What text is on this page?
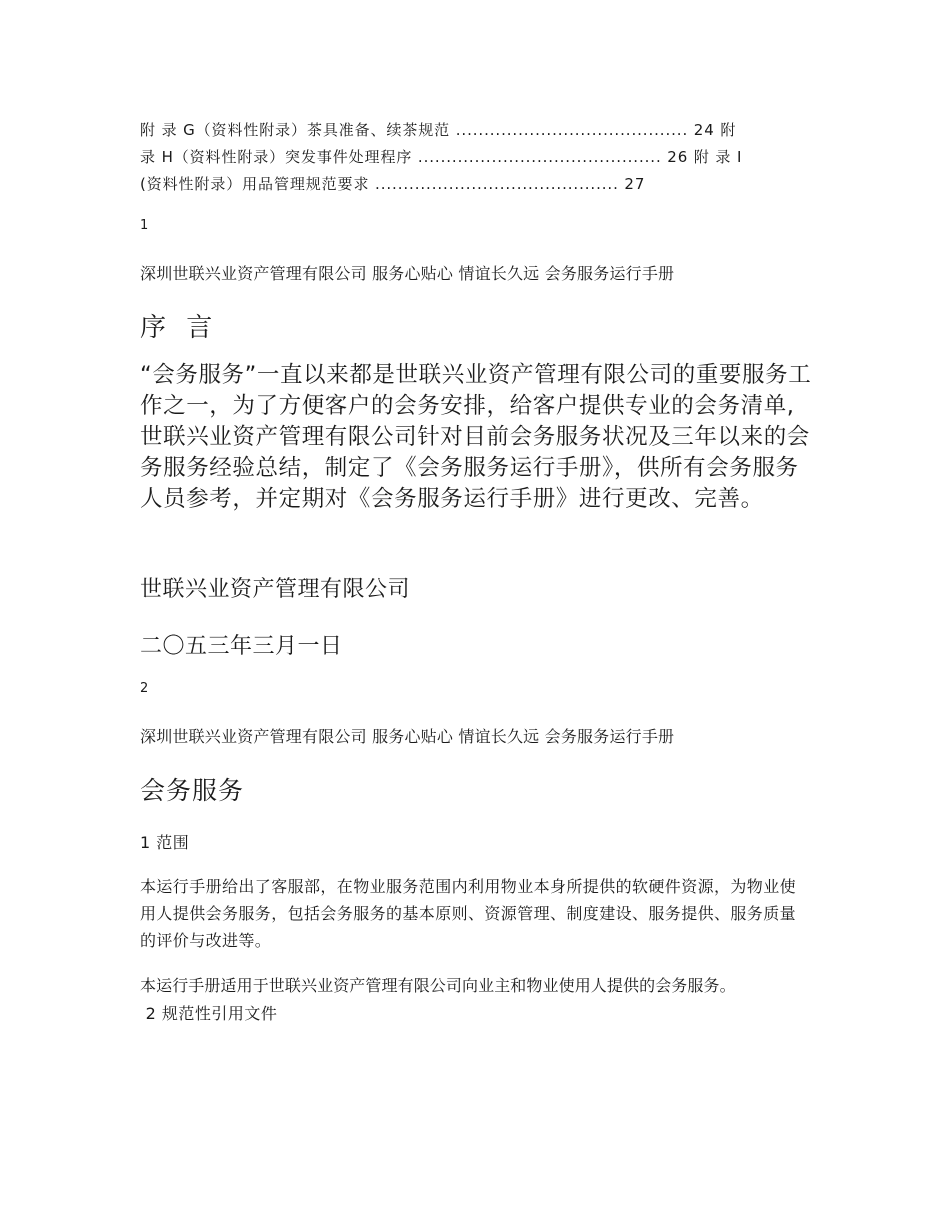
附 录 G（资料性附录）茶具准备、续茶规范 ......................................... 24 附
录 H（资料性附录）突发事件处理程序 ........................................... 26 附 录 I
(资料性附录）用品管理规范要求 ........................................... 27
1
深圳世联兴业资产管理有限公司 服务心贴心 情谊长久远 会务服务运行手册
序 言
“会务服务”一直以来都是世联兴业资产管理有限公司的重要服务工作之一，为了方便客户的会务安排，给客户提供专业的会务清单, 世联兴业资产管理有限公司针对目前会务服务状况及三年以来的会务服务经验总结，制定了《会务服务运行手册》，供所有会务服务人员参考，并定期对《会务服务运行手册》进行更改、完善。
世联兴业资产管理有限公司
二〇五三年三月一日
2
深圳世联兴业资产管理有限公司 服务心贴心 情谊长久远 会务服务运行手册
会务服务
1 范围
本运行手册给出了客服部，在物业服务范围内利用物业本身所提供的软硬件资源，为物业使用人提供会务服务，包括会务服务的基本原则、资源管理、制度建设、服务提供、服务质量的评价与改进等。
本运行手册适用于世联兴业资产管理有限公司向业主和物业使用人提供的会务服务。
2 规范性引用文件
